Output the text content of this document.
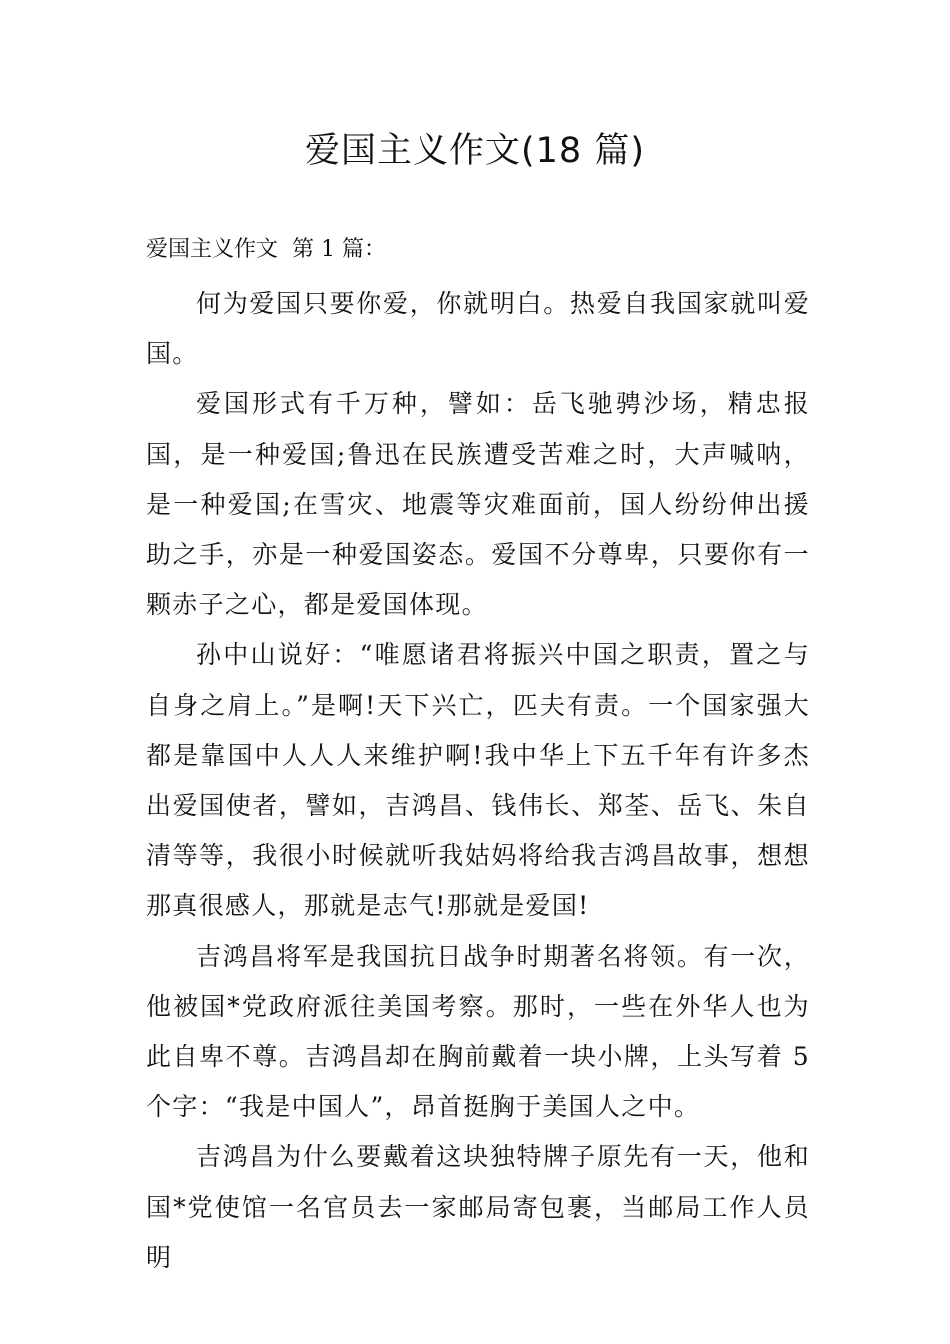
爱国主义作文(18 篇)
爱国主义作文  第 1 篇：

何为爱国只要你爱，你就明白。热爱自我国家就叫爱国。

爱国形式有千万种，譬如：岳飞驰骋沙场，精忠报国，是一种爱国;鲁迅在民族遭受苦难之时，大声喊呐，是一种爱国;在雪灾、地震等灾难面前，国人纷纷伸出援助之手，亦是一种爱国姿态。爱国不分尊卑，只要你有一颗赤子之心，都是爱国体现。

孙中山说好：“唯愿诸君将振兴中国之职责，置之与自身之肩上。”是啊!天下兴亡，匹夫有责。一个国家强大都是靠国中人人人来维护啊!我中华上下五千年有许多杰出爱国使者，譬如，吉鸿昌、钱伟长、郑荃、岳飞、朱自清等等，我很小时候就听我姑妈将给我吉鸿昌故事，想想那真很感人，那就是志气!那就是爱国!

吉鸿昌将军是我国抗日战争时期著名将领。有一次，他被国*党政府派往美国考察。那时，一些在外华人也为此自卑不尊。吉鸿昌却在胸前戴着一块小牌，上头写着 5 个字：“我是中国人”，昂首挺胸于美国人之中。

吉鸿昌为什么要戴着这块独特牌子原先有一天，他和国*党使馆一名官员去一家邮局寄包裹，当邮局工作人员明
